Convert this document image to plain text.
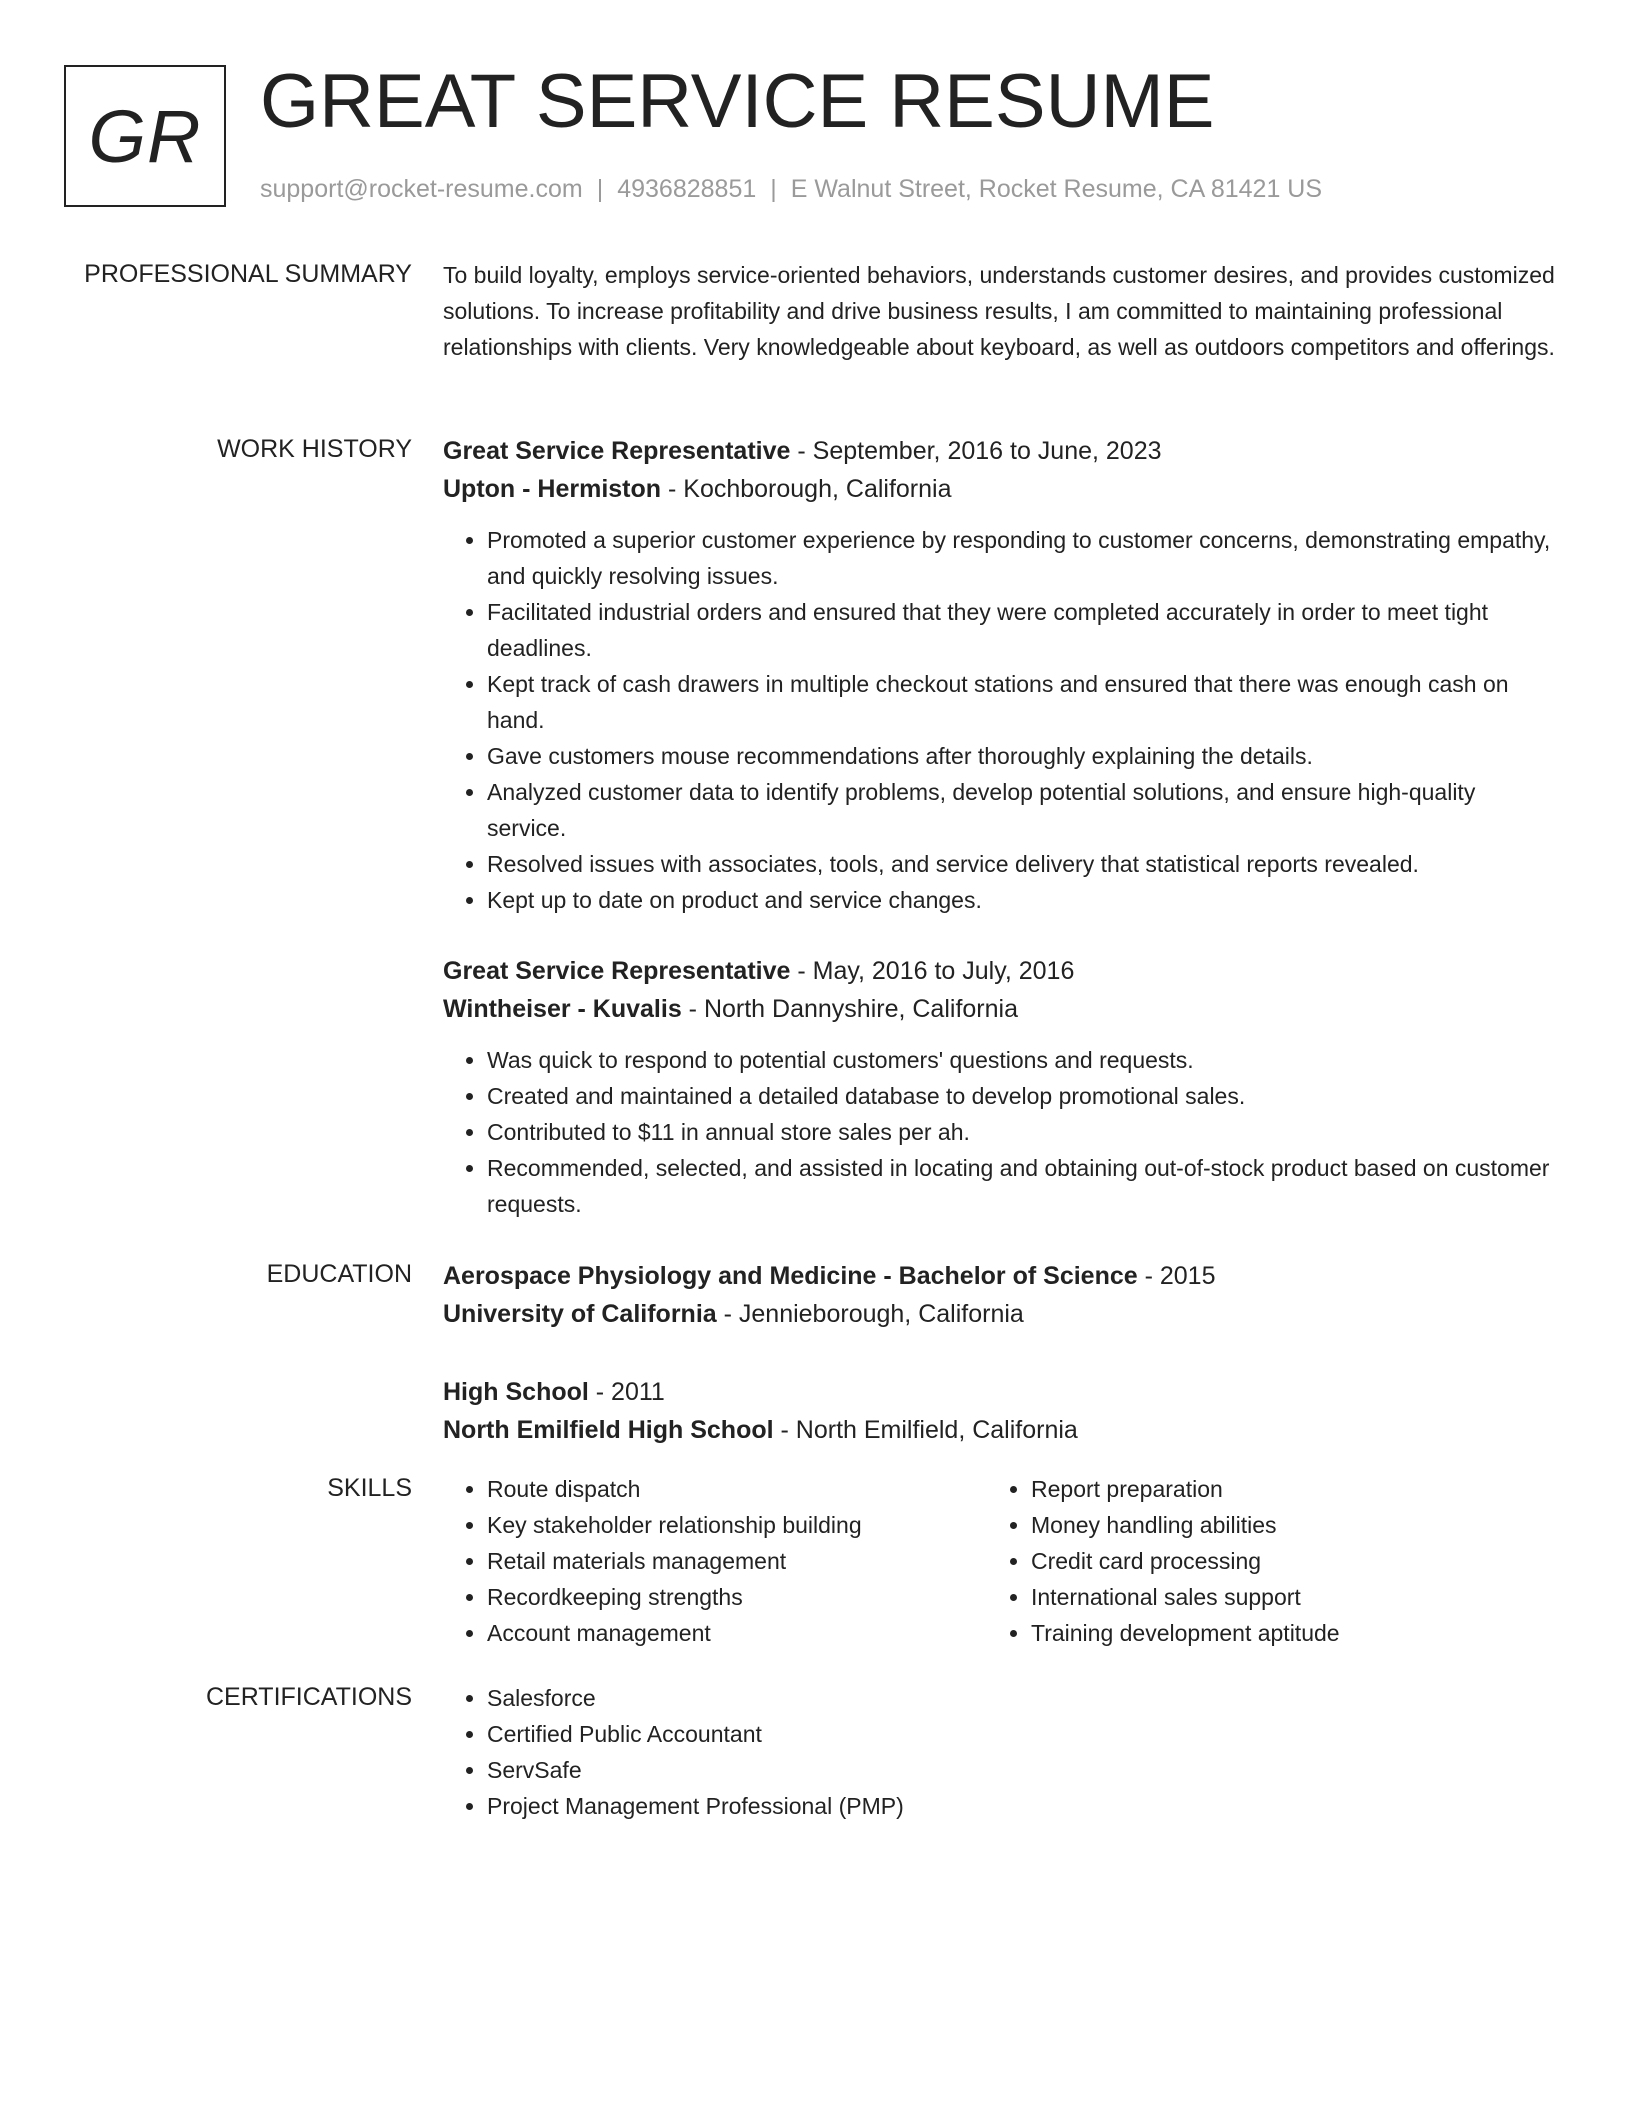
GR GREAT SERVICE RESUME
support@rocket-resume.com | 4936828851 | E Walnut Street, Rocket Resume, CA 81421 US
PROFESSIONAL SUMMARY To build loyalty, employs service-oriented behaviors, understands customer desires, and provides customized solutions. To increase profitability and drive business results, I am committed to maintaining professional relationships with clients. Very knowledgeable about keyboard, as well as outdoors competitors and offerings.

WORK HISTORY Great Service Representative - September, 2016 to June, 2023

Upton - Hermiston - Kochborough, California

• Promoted a superior customer experience by responding to customer concerns, demonstrating empathy, and quickly resolving issues.
• Facilitated industrial orders and ensured that they were completed accurately in order to meet tight deadlines.
• Kept track of cash drawers in multiple checkout stations and ensured that there was enough cash on hand.
• Gave customers mouse recommendations after thoroughly explaining the details.
• Analyzed customer data to identify problems, develop potential solutions, and ensure high-quality service.
• Resolved issues with associates, tools, and service delivery that statistical reports revealed.
• Kept up to date on product and service changes.

Great Service Representative - May, 2016 to July, 2016

Wintheiser - Kuvalis - North Dannyshire, California

• Was quick to respond to potential customers' questions and requests.
• Created and maintained a detailed database to develop promotional sales.
• Contributed to $11 in annual store sales per ah.
• Recommended, selected, and assisted in locating and obtaining out-of-stock product based on customer requests.
EDUCATION Aerospace Physiology and Medicine - Bachelor of Science - 2015

University of California - Jennieborough, California

High School - 2011

North Emilfield High School - North Emilfield, California

SKILLS	• Route dispatch
• Key stakeholder relationship building
• Retail materials management
• Recordkeeping strengths
• Account management
• Report preparation
• Money handling abilities
• Credit card processing
• International sales support
• Training development aptitude
CERTIFICATIONS	• Salesforce
• Certified Public Accountant
• ServSafe
• Project Management Professional (PMP)
